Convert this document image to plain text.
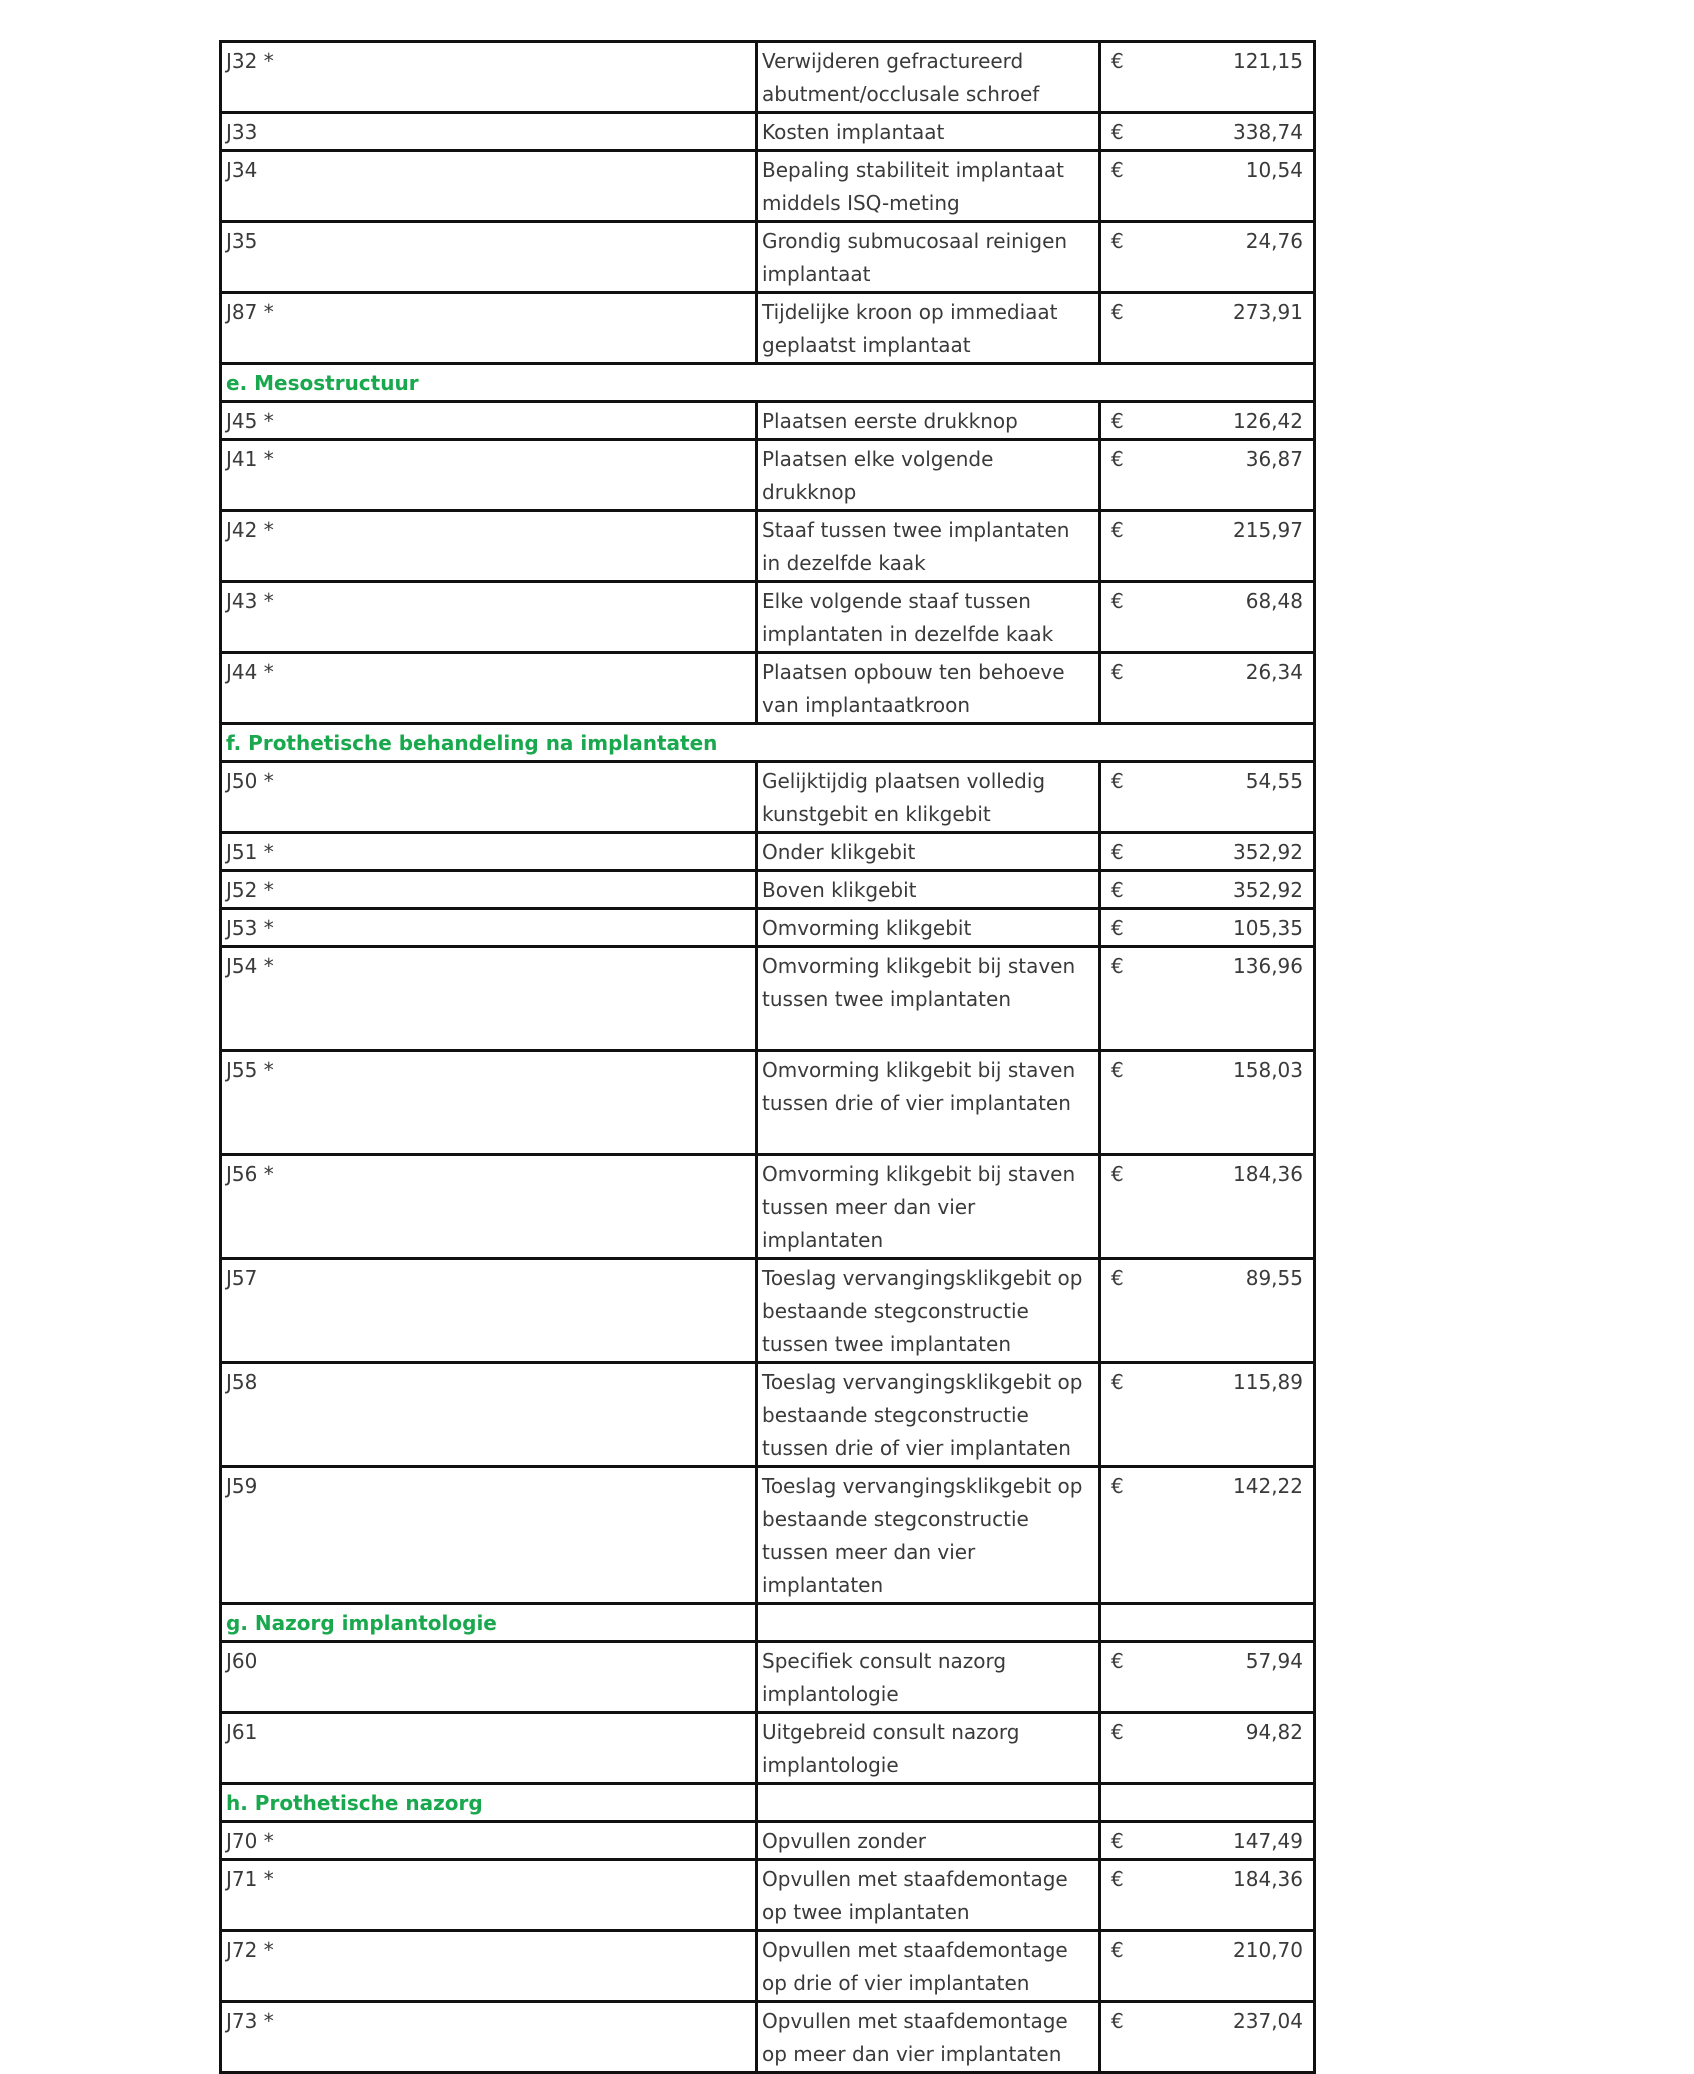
J32 *	Verwijderen gefractureerd abutment/occlusale schroef	€ 121,15

J33	Kosten implantaat	€ 338,74

J34	Bepaling stabiliteit implantaat middels ISQ-meting	€ 10,54

J35	Grondig submucosaal reinigen implantaat	€ 24,76

J87 *	Tijdelijke kroon op immediaat geplaatst implantaat	€ 273,91

e. Mesostructuur		
J45 *	Plaatsen eerste drukknop	€ 126,42

J41 *	Plaatsen elke volgende drukknop	€ 36,87

J42 *	Staaf tussen twee implantaten in dezelfde kaak	€ 215,97

J43 *	Elke volgende staaf tussen implantaten in dezelfde kaak	€ 68,48

J44 *	Plaatsen opbouw ten behoeve van implantaatkroon	€ 26,34

f. Prothetische behandeling na implantaten		
J50 *	Gelijktijdig plaatsen volledig kunstgebit en klikgebit	€ 54,55

J51 *	Onder klikgebit	€ 352,92

J52 *	Boven klikgebit	€ 352,92

J53 *	Omvorming klikgebit	€ 105,35

J54 *	Omvorming klikgebit bij staven tussen twee implantaten	€ 136,96

J55 *	Omvorming klikgebit bij staven tussen drie of vier implantaten	€ 158,03

J56 *	Omvorming klikgebit bij staven tussen meer dan vier implantaten	€ 184,36

J57	Toeslag vervangingsklikgebit op bestaande stegconstructie tussen twee implantaten	€ 89,55

J58	Toeslag vervangingsklikgebit op bestaande stegconstructie tussen drie of vier implantaten	€ 115,89

J59	Toeslag vervangingsklikgebit op bestaande stegconstructie tussen meer dan vier implantaten	€ 142,22

g. Nazorg implantologie		
J60	Specifiek consult nazorg implantologie	€ 57,94

J61	Uitgebreid consult nazorg implantologie	€ 94,82

h. Prothetische nazorg		
J70 *	Opvullen zonder	€ 147,49

J71 *	Opvullen met staafdemontage op twee implantaten	€ 184,36

J72 *	Opvullen met staafdemontage op drie of vier implantaten	€ 210,70

J73 *	Opvullen met staafdemontage op meer dan vier implantaten	€ 237,04
